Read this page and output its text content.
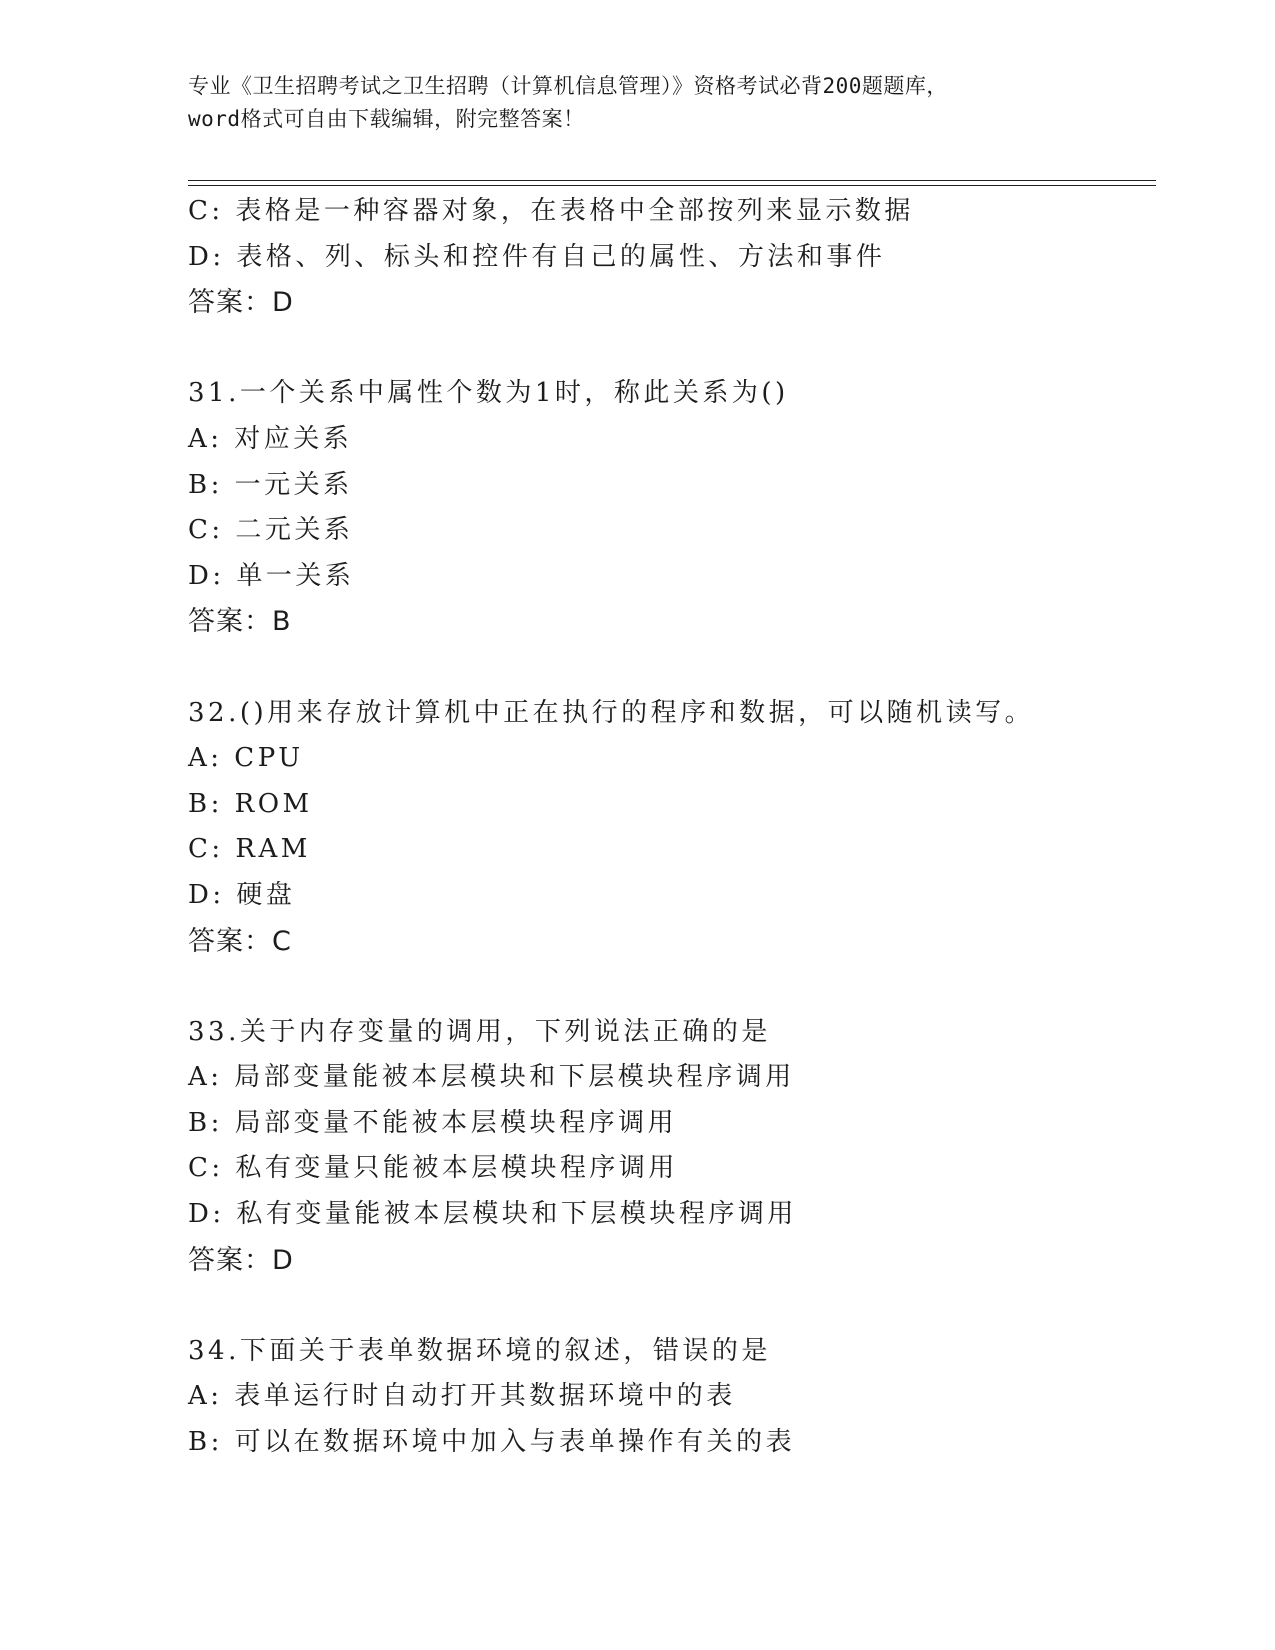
专业《卫生招聘考试之卫生招聘（计算机信息管理）》资格考试必背200题题库，
word格式可自由下载编辑，附完整答案！
C: 表格是一种容器对象，在表格中全部按列来显示数据
D: 表格、列、标头和控件有自己的属性、方法和事件
答案：D
31.一个关系中属性个数为1时，称此关系为()
A: 对应关系
B: 一元关系
C: 二元关系
D: 单一关系
答案：B
32.()用来存放计算机中正在执行的程序和数据，可以随机读写。
A: CPU
B: ROM
C: RAM
D: 硬盘
答案：C
33.关于内存变量的调用，下列说法正确的是
A: 局部变量能被本层模块和下层模块程序调用
B: 局部变量不能被本层模块程序调用
C: 私有变量只能被本层模块程序调用
D: 私有变量能被本层模块和下层模块程序调用
答案：D
34.下面关于表单数据环境的叙述，错误的是
A: 表单运行时自动打开其数据环境中的表
B: 可以在数据环境中加入与表单操作有关的表
